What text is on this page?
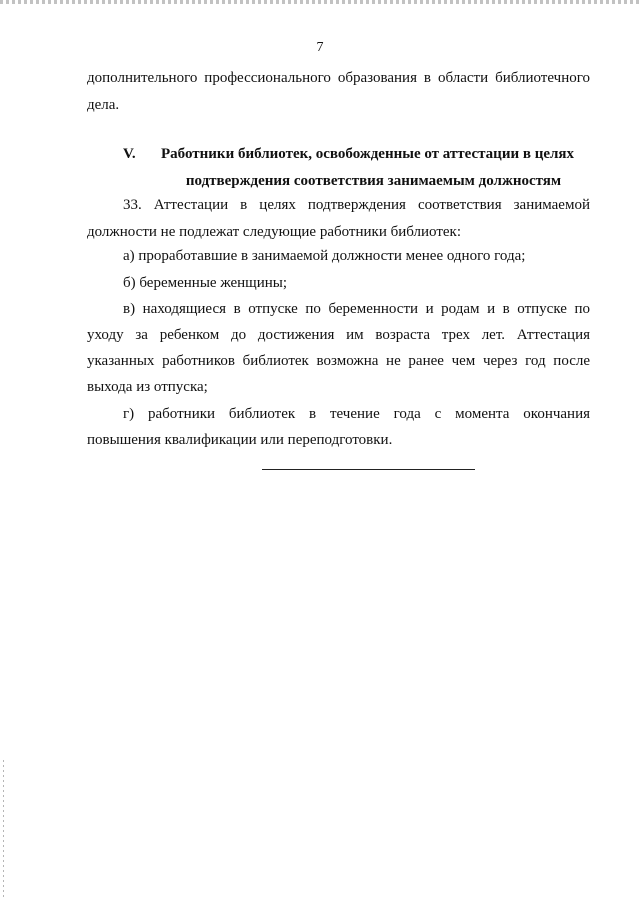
7

дополнительного профессионального образования в области библиотечного

дела.

V. Работники библиотек, освобожденные от аттестации в целях
подтверждения соответствия занимаемым должностям

33. Аттестации в целях подтверждения соответствия занимаемой

должности не подлежат следующие работники библиотек:

а) проработавшие в занимаемой должности менее одного года;

б) беременные женщины;

в) находящиеся в отпуске по беременности и родам и в отпуске по

уходу за ребенком до достижения им возраста трех лет. Аттестация

указанных работников библиотек возможна не ранее чем через год после

выхода из отпуска;

г) работники библиотек в течение года с момента окончания

повышения квалификации или переподготовки.
